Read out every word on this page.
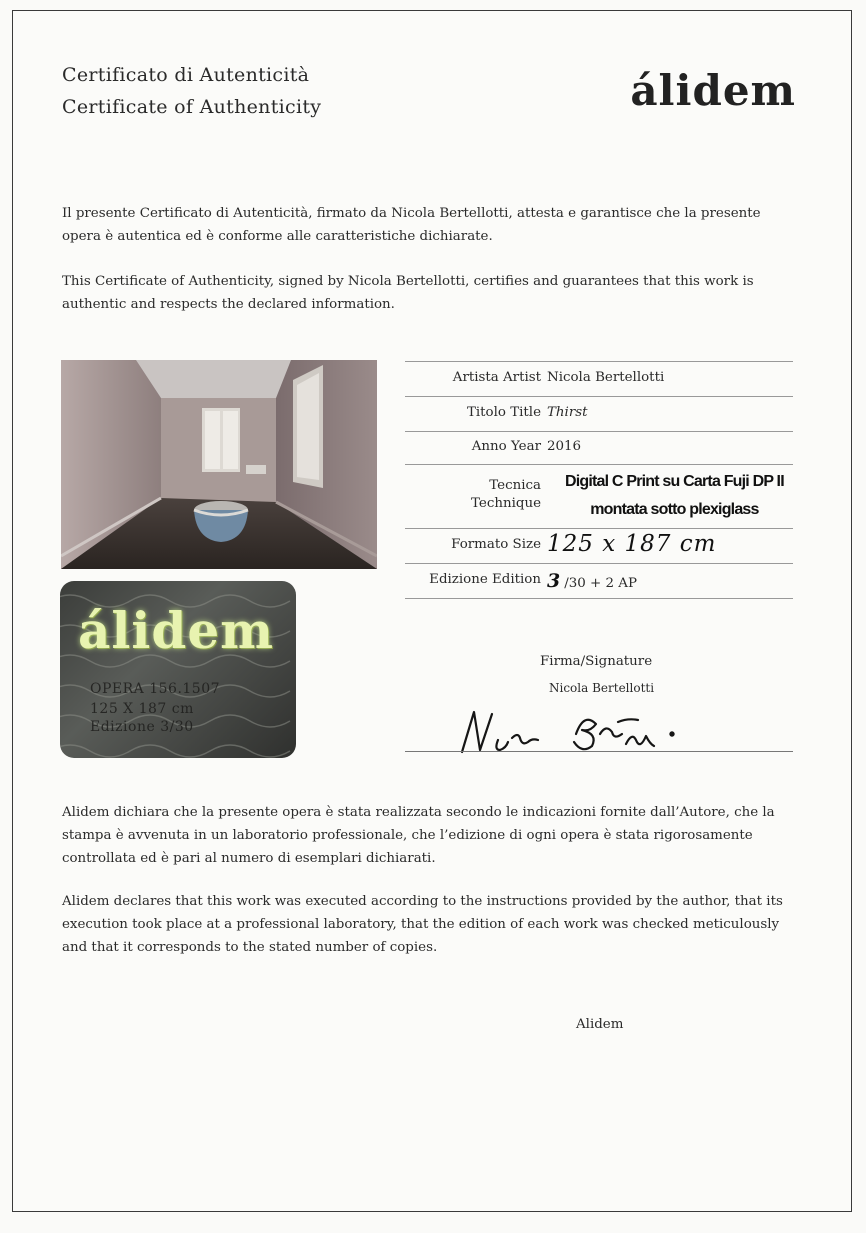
Certificato di Autenticità
Certificate of Authenticity	álidem
Il presente Certificato di Autenticità, firmato da Nicola Bertellotti, attesta e garantisce che la presente opera è autentica ed è conforme alle caratteristiche dichiarate.
This Certificate of Authenticity, signed by Nicola Bertellotti, certifies and guarantees that this work is authentic and respects the declared information.
álidem
OPERA 156.1507
125 X 187 cm
Edizione 3/30
Artista Artist Nicola Bertellotti
Titolo Title Thirst
Anno Year 2016
Tecnica
Technique
Digital C Print su Carta Fuji DP II
montata sotto plexiglass
Formato Size 125 x 187 cm
Edizione Edition 3 /30 + 2 AP
Firma/Signature
Nicola Bertellotti
Alidem dichiara che la presente opera è stata realizzata secondo le indicazioni fornite dall’Autore, che la stampa è avvenuta in un laboratorio professionale, che l’edizione di ogni opera è stata rigorosamente controllata ed è pari al numero di esemplari dichiarati.
Alidem declares that this work was executed according to the instructions provided by the author, that its execution took place at a professional laboratory, that the edition of each work was checked meticulously and that it corresponds to the stated number of copies.
Alidem
